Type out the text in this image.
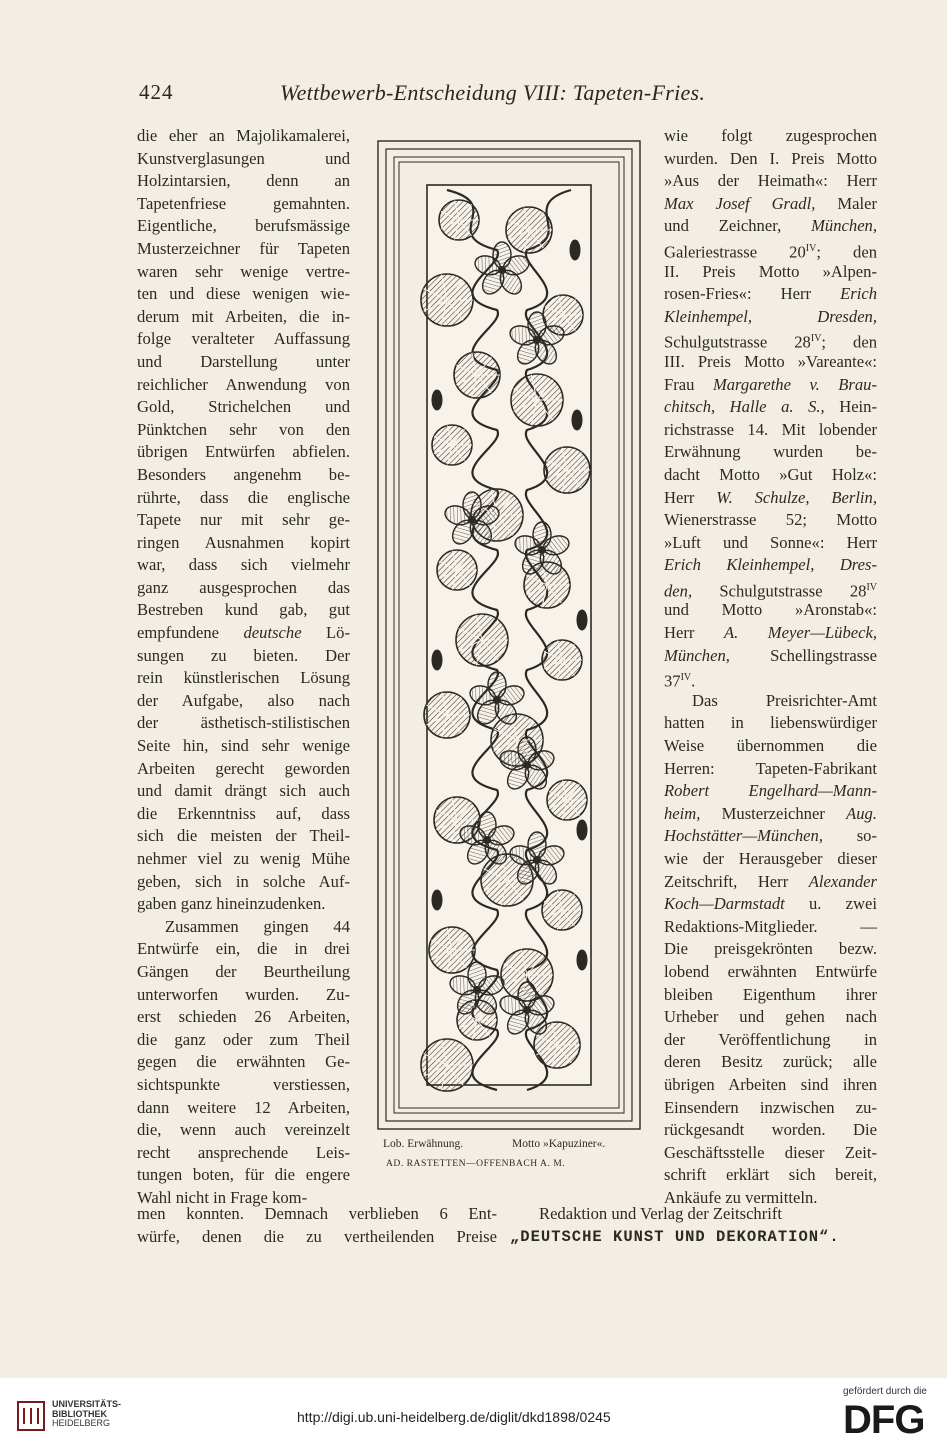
424	Wettbewerb-Entscheidung VIII: Tapeten-Fries.
die eher an Majolikamalerei,
Kunstverglasungen und
Holzintarsien, denn an
Tapetenfriese gemahnten.
Eigentliche, berufsmässige
Musterzeichner für Tapeten
waren sehr wenige vertre-
ten und diese wenigen wie-
derum mit Arbeiten, die in-
folge veralteter Auffassung
und Darstellung unter
reichlicher Anwendung von
Gold, Strichelchen und
Pünktchen sehr von den
übrigen Entwürfen abfielen.
Besonders angenehm be-
rührte, dass die englische
Tapete nur mit sehr ge-
ringen Ausnahmen kopirt
war, dass sich vielmehr
ganz ausgesprochen das
Bestreben kund gab, gut
empfundene deutsche Lö-
sungen zu bieten. Der
rein künstlerischen Lösung
der Aufgabe, also nach
der ästhetisch-stilistischen
Seite hin, sind sehr wenige
Arbeiten gerecht geworden
und damit drängt sich auch
die Erkenntniss auf, dass
sich die meisten der Theil-
nehmer viel zu wenig Mühe
geben, sich in solche Auf-
gaben ganz hineinzudenken.
Zusammen gingen 44
Entwürfe ein, die in drei
Gängen der Beurtheilung
unterworfen wurden. Zu-
erst schieden 26 Arbeiten,
die ganz oder zum Theil
gegen die erwähnten Ge-
sichtspunkte verstiessen,
dann weitere 12 Arbeiten,
die, wenn auch vereinzelt
recht ansprechende Leis-
tungen boten, für die engere
Wahl nicht in Frage kom-
wie folgt zugesprochen
wurden. Den I. Preis Motto
»Aus der Heimath«: Herr
Max Josef Gradl, Maler
und Zeichner, München,
Galeriestrasse $20^{IV}$; den
II. Preis Motto »Alpen-
rosen-Fries«: Herr Erich
Kleinhempel, Dresden,
Schulgutstrasse $28^{IV}$; den
III. Preis Motto »Vareante«:
Frau Margarethe v. Brau-
chitsch, Halle a. S., Hein-
richstrasse 14. Mit lobender
Erwähnung wurden be-
dacht Motto »Gut Holz«:
Herr W. Schulze, Berlin,
Wienerstrasse 52; Motto
»Luft und Sonne«: Herr
Erich Kleinhempel, Dres-
den, Schulgutstrasse $28^{IV}$
und Motto »Aronstab«:
Herr A. Meyer—Lübeck,
München, Schellingstrasse
$37^{IV}$.
Das Preisrichter-Amt
hatten in liebenswürdiger
Weise übernommen die
Herren: Tapeten-Fabrikant
Robert Engelhard—Mann-
heim, Musterzeichner Aug.
Hochstätter—München, so-
wie der Herausgeber dieser
Zeitschrift, Herr Alexander
Koch—Darmstadt u. zwei
Redaktions-Mitglieder. —
Die preisgekrönten bezw.
lobend erwähnten Entwürfe
bleiben Eigenthum ihrer
Urheber und gehen nach
der Veröffentlichung in
deren Besitz zurück; alle
übrigen Arbeiten sind ihren
Einsendern inzwischen zu-
rückgesandt worden. Die
Geschäftsstelle dieser Zeit-
schrift erklärt sich bereit,
Ankäufe zu vermitteln.
men konnten. Demnach verblieben 6 Ent-	Redaktion und Verlag der Zeitschrift
würfe, denen die zu vertheilenden Preise „DEUTSCHE KUNST UND DEKORATION“.
Lob. Erwähnung.	Motto »Kapuziner«.
AD. RASTETTEN—OFFENBACH A. M.
UNIVERSITÄTS-
BIBLIOTHEK
HEIDELBERG	http://digi.ub.uni-heidelberg.de/diglit/dkd1898/0245
gefördert durch die
DFG
